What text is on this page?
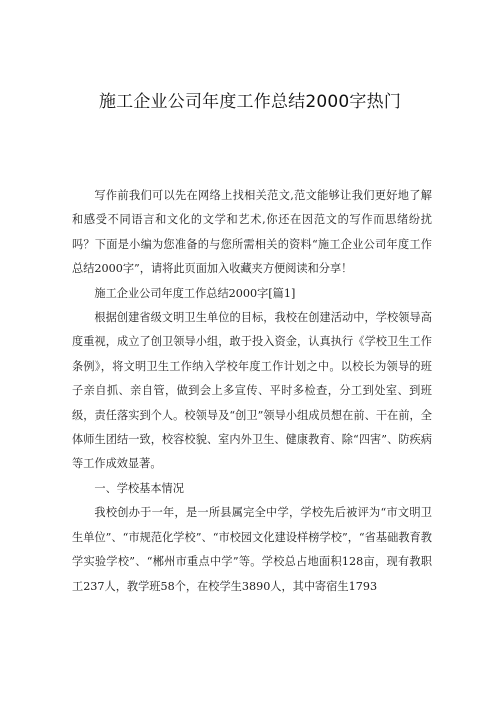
施工企业公司年度工作总结2000字热门

写作前我们可以先在网络上找相关范文,范文能够让我们更好地了解和感受不同语言和文化的文学和艺术,你还在因范文的写作而思绪纷扰吗？下面是小编为您准备的与您所需相关的资料“施工企业公司年度工作总结2000字”，请将此页面加入收藏夹方便阅读和分享！

施工企业公司年度工作总结2000字[篇1]

根据创建省级文明卫生单位的目标，我校在创建活动中，学校领导高度重视，成立了创卫领导小组，敢于投入资金，认真执行《学校卫生工作条例》，将文明卫生工作纳入学校年度工作计划之中。以校长为领导的班子亲自抓、亲自管，做到会上多宣传、平时多检查，分工到处室、到班级，责任落实到个人。校领导及“创卫”领导小组成员想在前、干在前，全体师生团结一致，校容校貌、室内外卫生、健康教育、除“四害”、防疾病等工作成效显著。

一、学校基本情况

我校创办于一年，是一所县属完全中学，学校先后被评为“市文明卫生单位”、“市规范化学校”、“市校园文化建设样榜学校”，“省基础教育教学实验学校”、“郴州市重点中学”等。学校总占地面积128亩，现有教职工237人，教学班58个，在校学生3890人，其中寄宿生1793
